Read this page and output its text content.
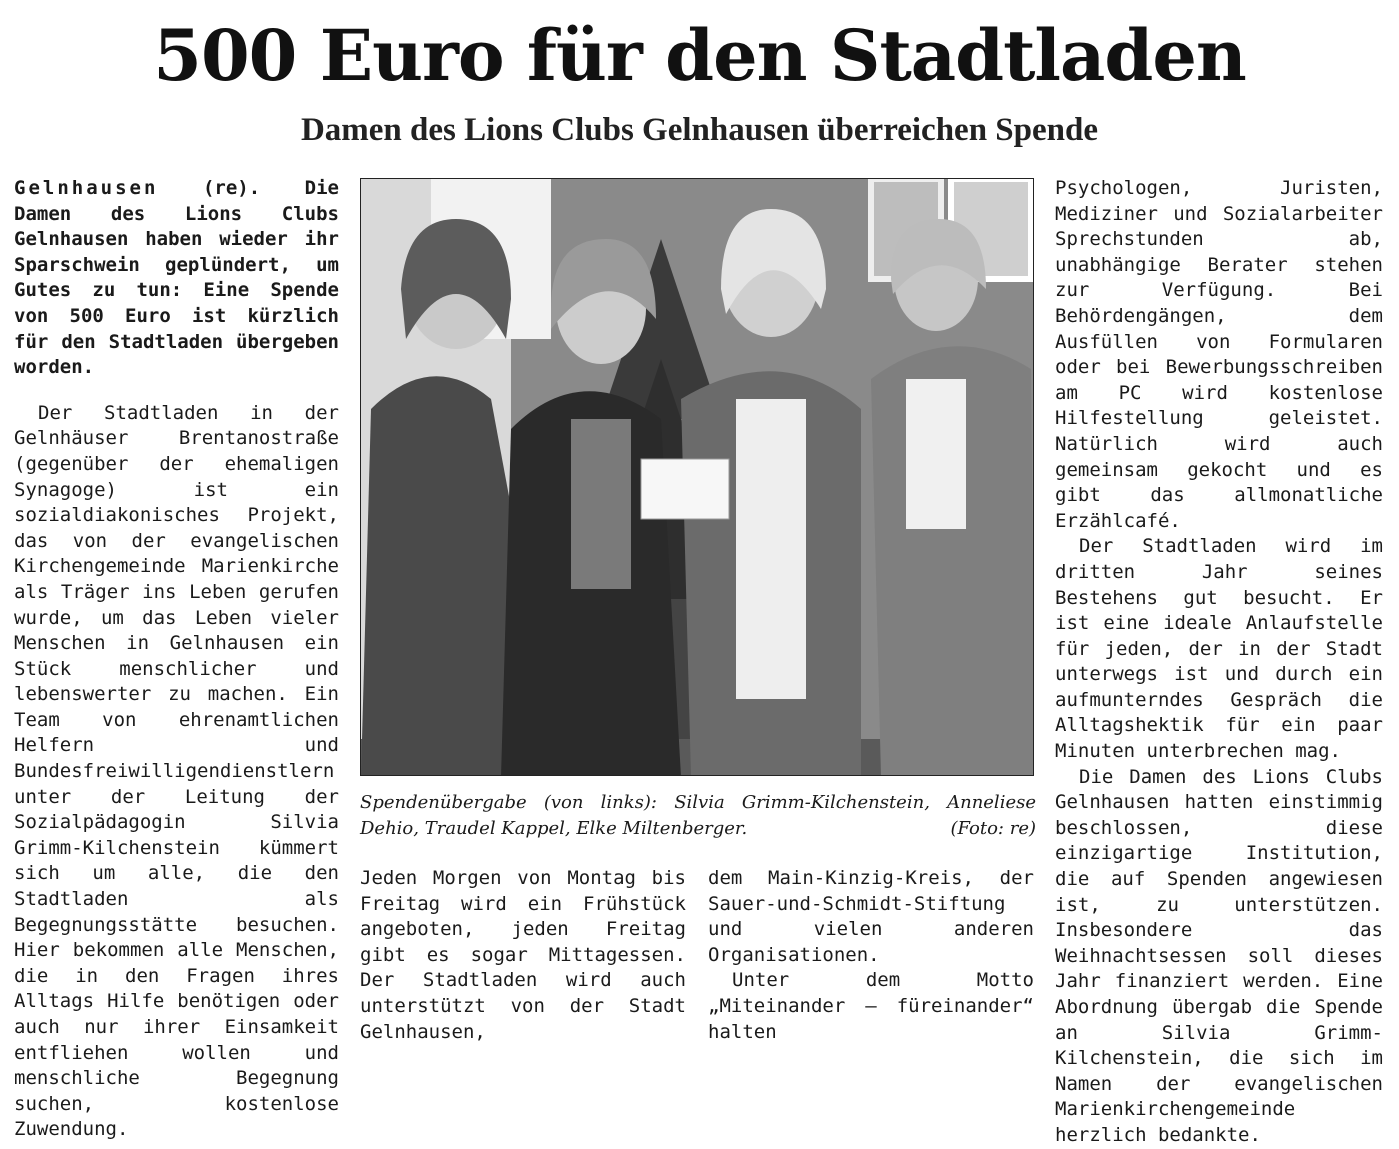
500 Euro für den Stadtladen
Damen des Lions Clubs Gelnhausen überreichen Spende

Gelnhausen (re). Die Damen des Lions Clubs Gelnhausen haben wieder ihr Sparschwein geplündert, um Gutes zu tun: Eine Spende von 500 Euro ist kürzlich für den Stadtladen übergeben worden.

Der Stadtladen in der Gelnhäuser Brentanostraße (gegenüber der ehemaligen Synagoge) ist ein sozialdiakonisches Projekt, das von der evangelischen Kirchengemeinde Marienkirche als Träger ins Leben gerufen wurde, um das Leben vieler Menschen in Gelnhausen ein Stück menschlicher und lebenswerter zu machen. Ein Team von ehrenamtlichen Helfern und Bundesfreiwilligendienstlern unter der Leitung der Sozialpädagogin Silvia Grimm-Kilchenstein kümmert sich um alle, die den Stadtladen als Begegnungsstätte besuchen. Hier bekommen alle Menschen, die in den Fragen ihres Alltags Hilfe benötigen oder auch nur ihrer Einsamkeit entfliehen wollen und menschliche Begegnung suchen, kostenlose Zuwendung.

Spendenübergabe (von links): Silvia Grimm-Kilchenstein, Anneliese Dehio, Traudel Kappel, Elke Miltenberger.	(Foto: re)

Jeden Morgen von Montag bis Freitag wird ein Frühstück angeboten, jeden Freitag gibt es sogar Mittagessen. Der Stadtladen wird auch unterstützt von der Stadt Gelnhausen,

dem Main-Kinzig-Kreis, der Sauer-und-Schmidt-Stiftung und vielen anderen Organisationen.

Unter dem Motto „Miteinander – füreinander“ halten

Psychologen, Juristen, Mediziner und Sozialarbeiter Sprechstunden ab, unabhängige Berater stehen zur Verfügung. Bei Behördengängen, dem Ausfüllen von Formularen oder bei Bewerbungsschreiben am PC wird kostenlose Hilfestellung geleistet. Natürlich wird auch gemeinsam gekocht und es gibt das allmonatliche Erzählcafé.

Der Stadtladen wird im dritten Jahr seines Bestehens gut besucht. Er ist eine ideale Anlaufstelle für jeden, der in der Stadt unterwegs ist und durch ein aufmunterndes Gespräch die Alltagshektik für ein paar Minuten unterbrechen mag.

Die Damen des Lions Clubs Gelnhausen hatten einstimmig beschlossen, diese einzigartige Institution, die auf Spenden angewiesen ist, zu unterstützen. Insbesondere das Weihnachtsessen soll dieses Jahr finanziert werden. Eine Abordnung übergab die Spende an Silvia Grimm-Kilchenstein, die sich im Namen der evangelischen Marienkirchengemeinde herzlich bedankte.
